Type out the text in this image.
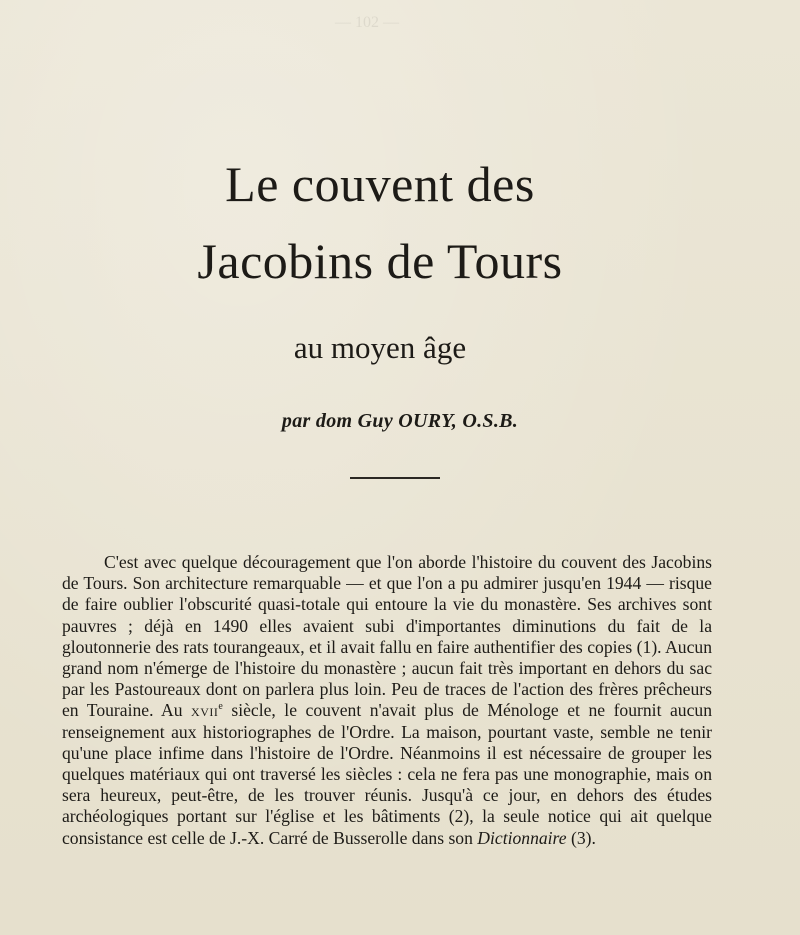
— 102 —
Le couvent des
Jacobins de Tours
au moyen âge
par dom Guy OURY, O.S.B.

C'est avec quelque découragement que l'on aborde l'histoire du couvent des Jacobins de Tours. Son architecture remarquable — et que l'on a pu admirer jusqu'en 1944 — risque de faire oublier l'obscurité quasi-totale qui entoure la vie du monastère. Ses archives sont pauvres ; déjà en 1490 elles avaient subi d'importantes diminutions du fait de la gloutonnerie des rats tourangeaux, et il avait fallu en faire authentifier des copies (1). Aucun grand nom n'émerge de l'histoire du monastère ; aucun fait très important en dehors du sac par les Pastoureaux dont on parlera plus loin. Peu de traces de l'action des frères prêcheurs en Touraine. Au xvii$^e$ siècle, le couvent n'avait plus de Ménologe et ne fournit aucun renseignement aux historiographes de l'Ordre. La maison, pourtant vaste, semble ne tenir qu'une place infime dans l'histoire de l'Ordre. Néanmoins il est nécessaire de grouper les quelques matériaux qui ont traversé les siècles : cela ne fera pas une monographie, mais on sera heureux, peut-être, de les trouver réunis. Jusqu'à ce jour, en dehors des études archéologiques portant sur l'église et les bâtiments (2), la seule notice qui ait quelque consistance est celle de J.-X. Carré de Busserolle dans son Dictionnaire (3).
